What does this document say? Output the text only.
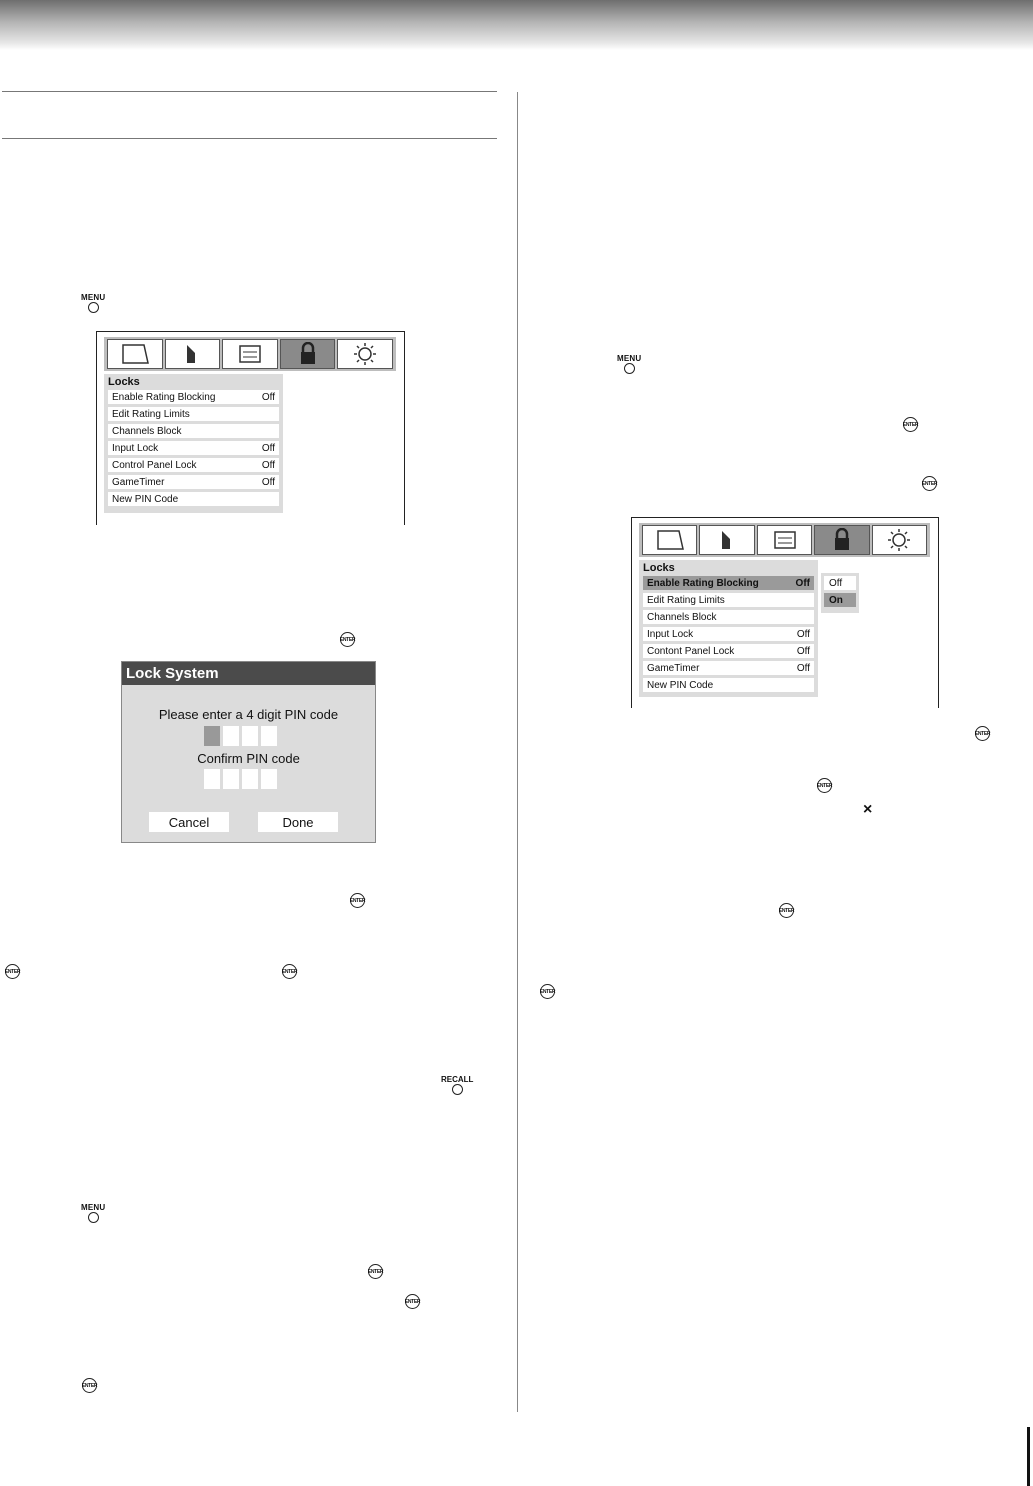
MENU
Locks
Enable Rating Blocking	Off
Edit Rating Limits
Channels Block
Input Lock	Off
Control Panel Lock	Off
GameTimer	Off
New PIN Code
ENTER
Lock System
Please enter a 4 digit PIN code
Confirm PIN code
Cancel	Done
ENTER
ENTER	ENTER
RECALL
MENU
ENTER
ENTER
ENTER
MENU
ENTER
ENTER
Locks
Enable Rating Blocking	Off
Edit Rating Limits
Channels Block
Input Lock	Off
Contont Panel Lock	Off
GameTimer	Off
New PIN Code
Off
On
ENTER
ENTER
×
ENTER
ENTER
